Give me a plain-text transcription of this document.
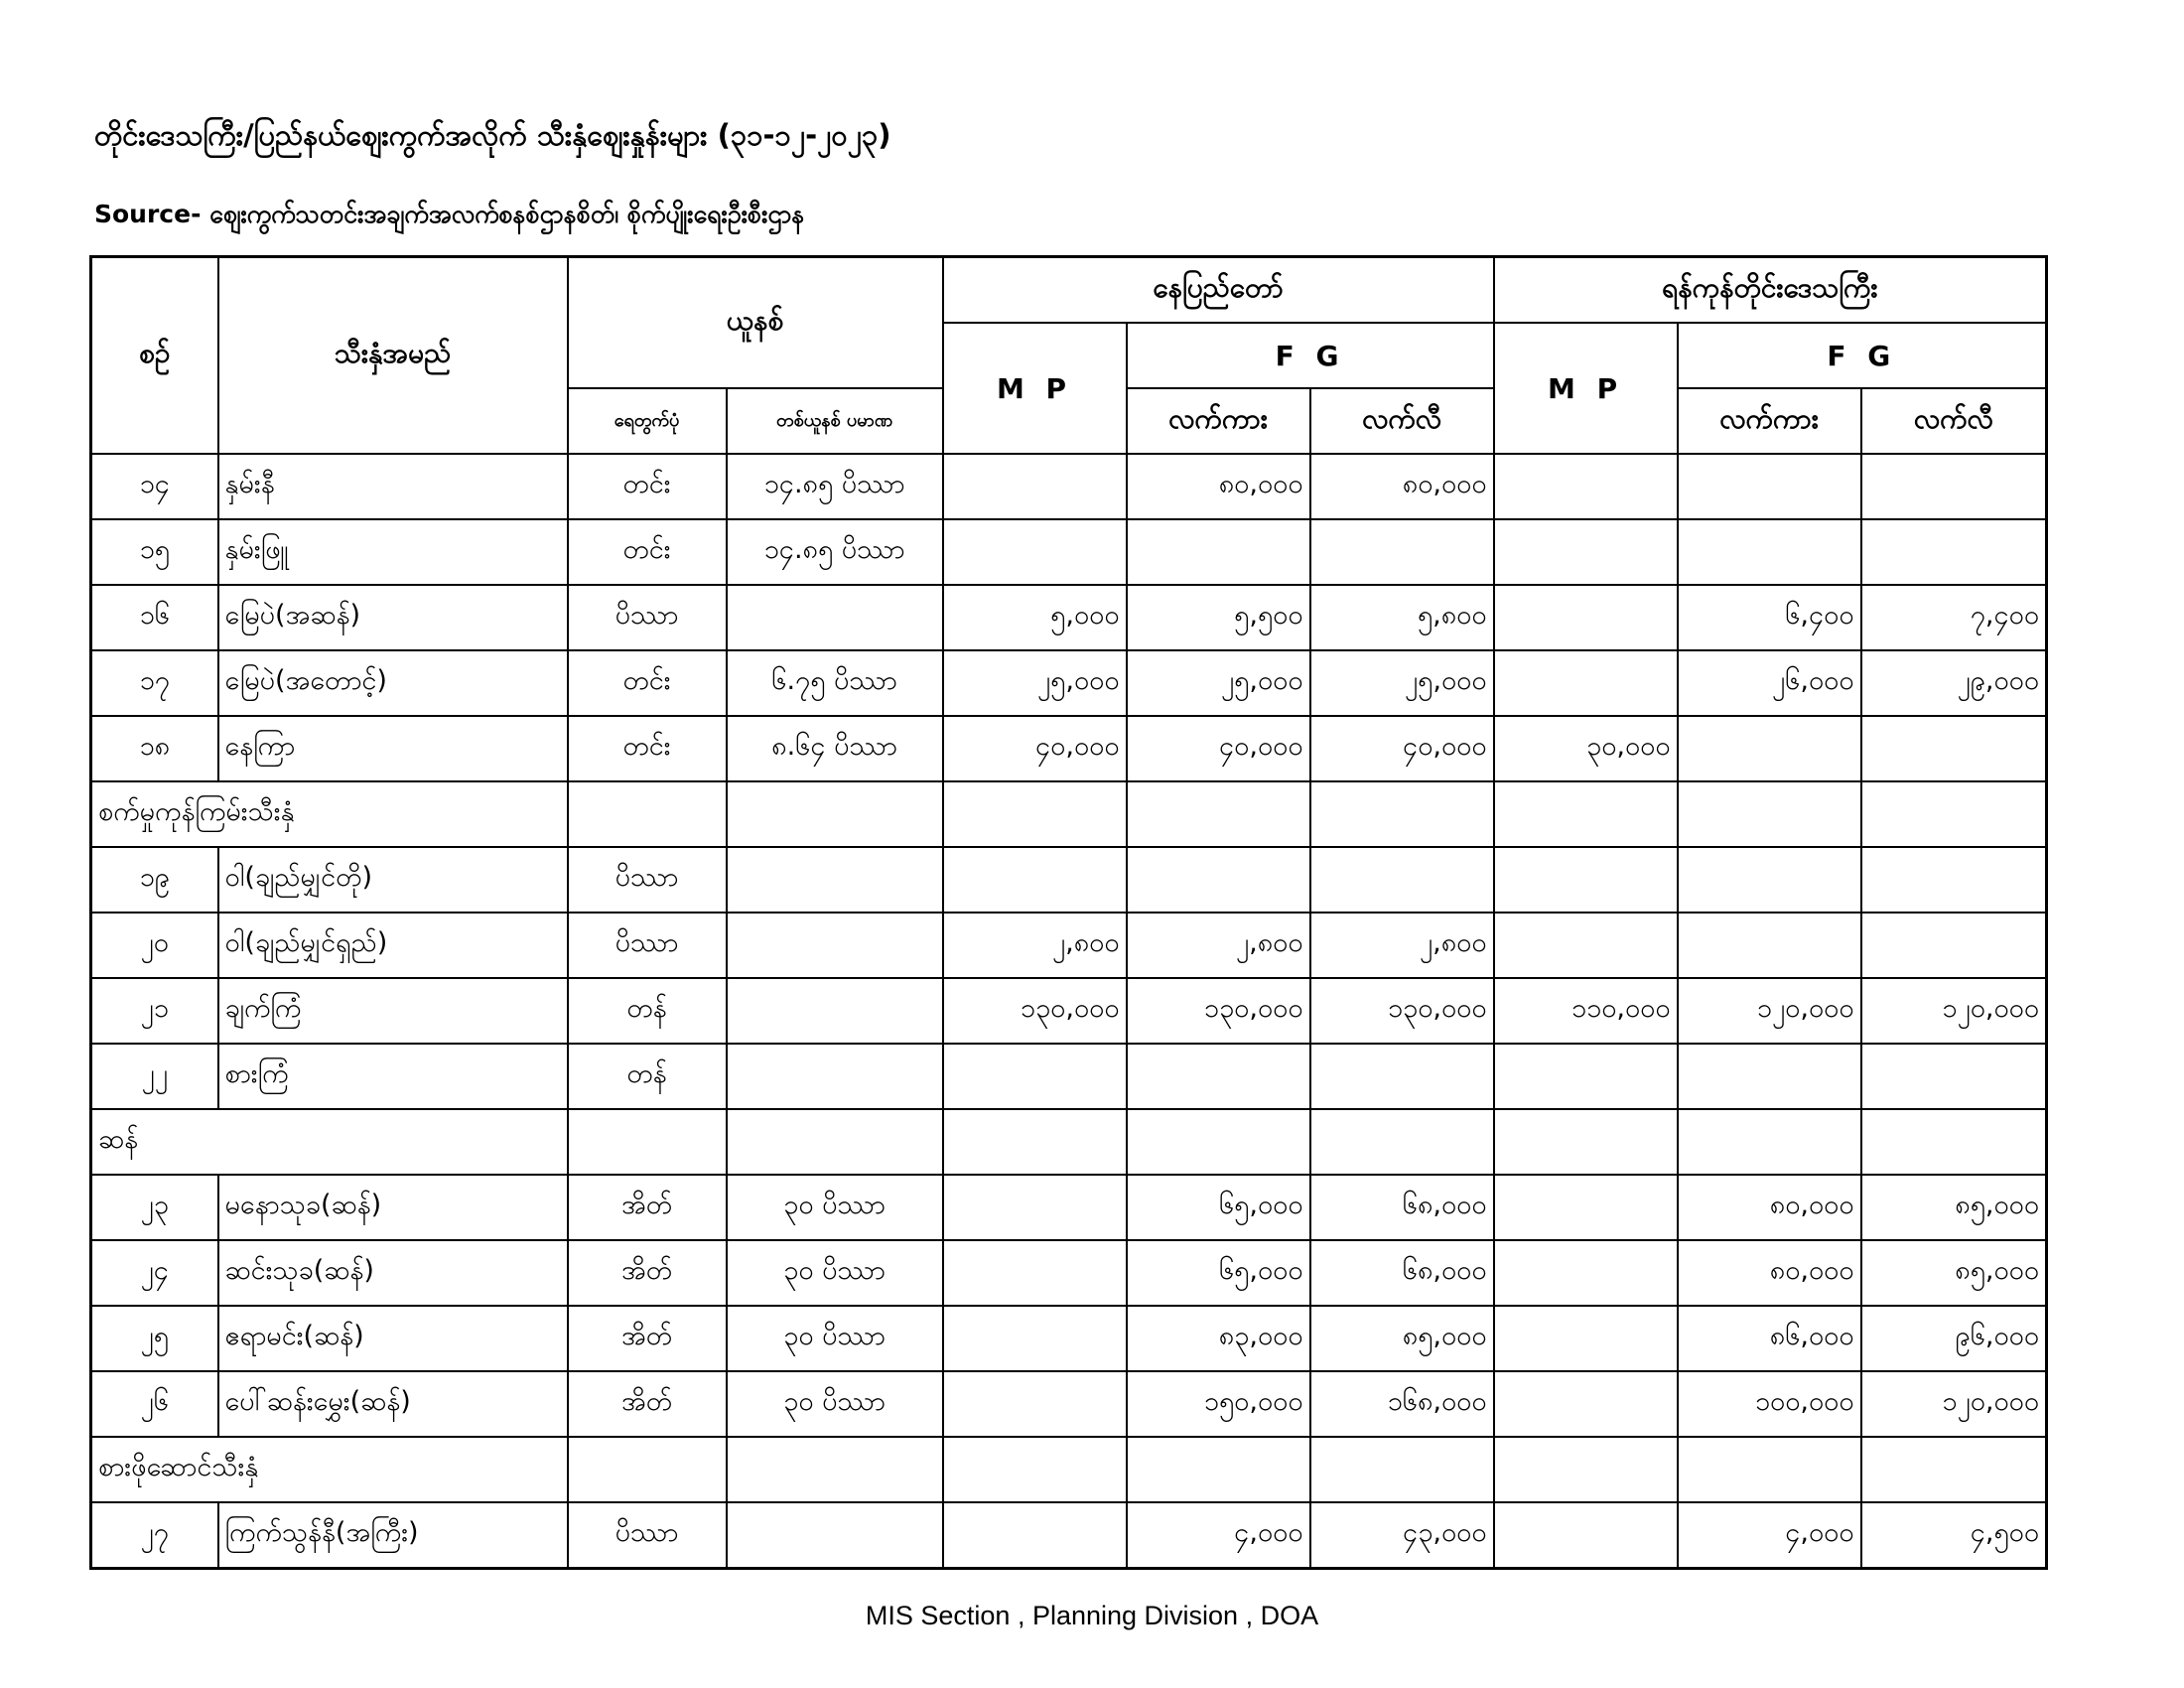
တိုင်းဒေသကြီး/ပြည်နယ်ဈေးကွက်အလိုက် သီးနှံဈေးနှုန်းများ (၃၁-၁၂-၂၀၂၃)
Source- ဈေးကွက်သတင်းအချက်အလက်စနစ်ဌာနစိတ်၊ စိုက်ပျိုးရေးဦးစီးဌာန
စဉ်	သီးနှံအမည်	ယူနစ်		နေပြည်တော်			ရန်ကုန်တိုင်းဒေသကြီး		
				M P	F G		M P	F G	
		ရေတွက်ပုံ	တစ်ယူနစ် ပမာဏ		လက်ကား	လက်လီ		လက်ကား	လက်လီ
၁၄	နှမ်းနီ	တင်း	၁၄.၈၅ ပိဿာ		၈၀,၀၀၀	၈၀,၀၀၀			
၁၅	နှမ်းဖြူ	တင်း	၁၄.၈၅ ပိဿာ						
၁၆	မြေပဲ(အဆန်)	ပိဿာ		၅,၀၀၀	၅,၅၀၀	၅,၈၀၀		၆,၄၀၀	၇,၄၀၀
၁၇	မြေပဲ(အတောင့်)	တင်း	၆.၇၅ ပိဿာ	၂၅,၀၀၀	၂၅,၀၀၀	၂၅,၀၀၀		၂၆,၀၀၀	၂၉,၀၀၀
၁၈	နေကြာ	တင်း	၈.၆၄ ပိဿာ	၄၀,၀၀၀	၄၀,၀၀၀	၄၀,၀၀၀	၃၀,၀၀၀		
စက်မှုကုန်ကြမ်းသီးနှံ									
၁၉	ဝါ(ချည်မျှင်တို)	ပိဿာ							
၂၀	ဝါ(ချည်မျှင်ရှည်)	ပိဿာ		၂,၈၀၀	၂,၈၀၀	၂,၈၀၀			
၂၁	ချက်ကြံ	တန်		၁၃၀,၀၀၀	၁၃၀,၀၀၀	၁၃၀,၀၀၀	၁၁၀,၀၀၀	၁၂၀,၀၀၀	၁၂၀,၀၀၀
၂၂	စားကြံ	တန်							
ဆန်									
၂၃	မနောသုခ(ဆန်)	အိတ်	၃၀ ပိဿာ		၆၅,၀၀၀	၆၈,၀၀၀		၈၀,၀၀၀	၈၅,၀၀၀
၂၄	ဆင်းသုခ(ဆန်)	အိတ်	၃၀ ပိဿာ		၆၅,၀၀၀	၆၈,၀၀၀		၈၀,၀၀၀	၈၅,၀၀၀
၂၅	ဧရာမင်း(ဆန်)	အိတ်	၃၀ ပိဿာ		၈၃,၀၀၀	၈၅,၀၀၀		၈၆,၀၀၀	၉၆,၀၀၀
၂၆	ပေါ်ဆန်းမွှေး(ဆန်)	အိတ်	၃၀ ပိဿာ		၁၅၀,၀၀၀	၁၆၈,၀၀၀		၁၀၀,၀၀၀	၁၂၀,၀၀၀
စားဖိုဆောင်သီးနှံ									
၂၇	ကြက်သွန်နီ(အကြီး)	ပိဿာ			၄,၀၀၀	၄၃,၀၀၀		၄,၀၀၀	၄,၅၀၀
MIS Section , Planning Division , DOA
